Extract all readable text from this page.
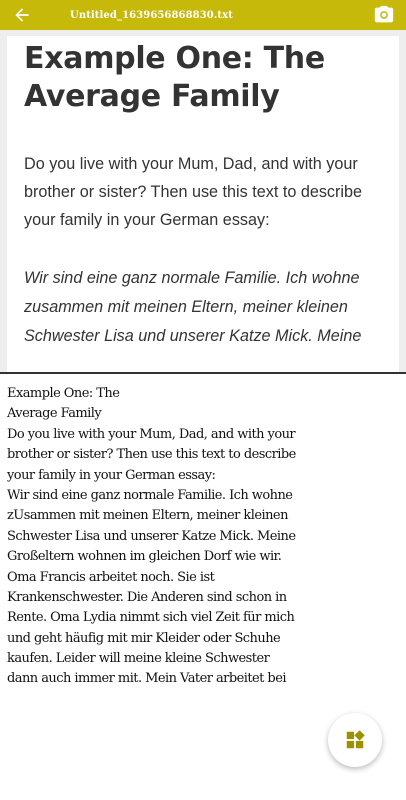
Untitled_1639656868830.txt
Example One: The
Average Family
Do you live with your Mum, Dad, and with your
brother or sister? Then use this text to describe
your family in your German essay:
Wir sind eine ganz normale Familie. Ich wohne
zusammen mit meinen Eltern, meiner kleinen
Schwester Lisa und unserer Katze Mick. Meine
Example One: The
Average Family
Do you live with your Mum, Dad, and with your
brother or sister? Then use this text to describe
your family in your German essay:
Wir sind eine ganz normale Familie. Ich wohne
zUsammen mit meinen Eltern, meiner kleinen
Schwester Lisa und unserer Katze Mick. Meine
Großeltern wohnen im gleichen Dorf wie wir.
Oma Francis arbeitet noch. Sie ist
Krankenschwester. Die Anderen sind schon in
Rente. Oma Lydia nimmt sich viel Zeit für mich
und geht häufig mit mir Kleider oder Schuhe
kaufen. Leider will meine kleine Schwester
dann auch immer mit. Mein Vater arbeitet bei
